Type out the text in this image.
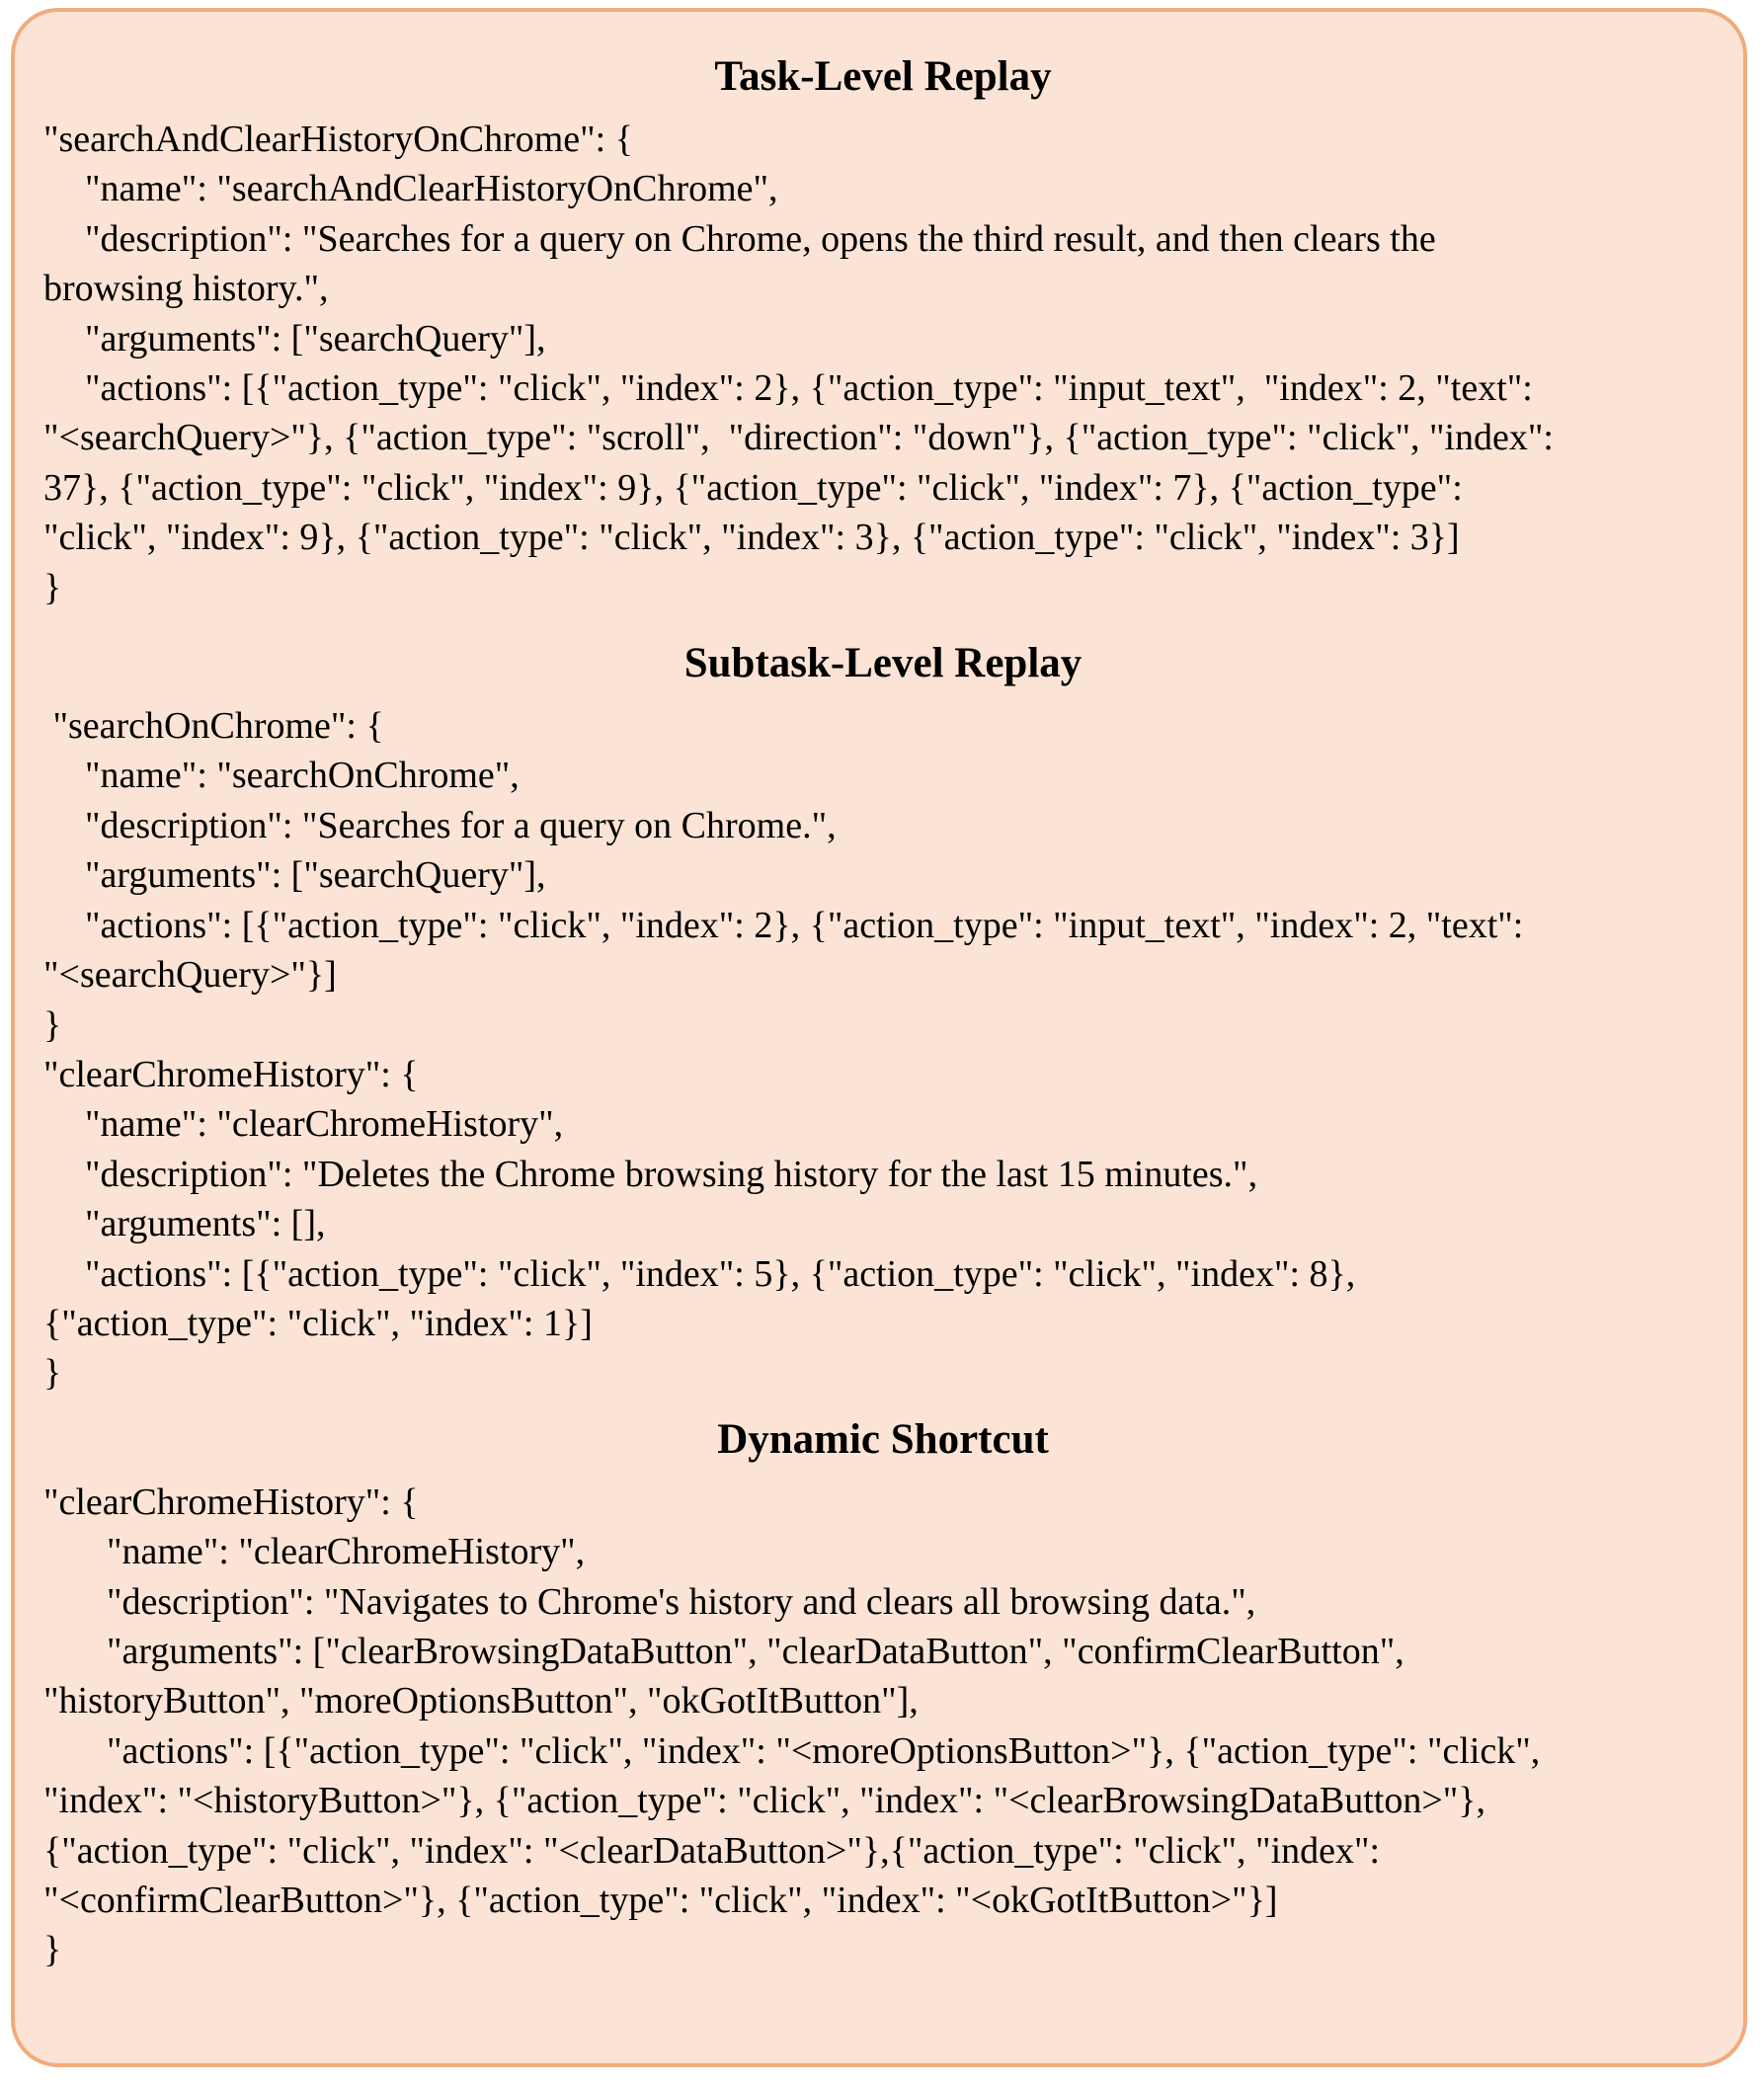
Task-Level Replay
"searchAndClearHistoryOnChrome": {
"name": "searchAndClearHistoryOnChrome",
"description": "Searches for a query on Chrome, opens the third result, and then clears the
browsing history.",
"arguments": ["searchQuery"],
"actions": [{"action_type": "click", "index": 2}, {"action_type": "input_text",  "index": 2, "text":
"<searchQuery>"}, {"action_type": "scroll",  "direction": "down"}, {"action_type": "click", "index":
37}, {"action_type": "click", "index": 9}, {"action_type": "click", "index": 7}, {"action_type":
"click", "index": 9}, {"action_type": "click", "index": 3}, {"action_type": "click", "index": 3}]
}
Subtask-Level Replay
"searchOnChrome": {
"name": "searchOnChrome",
"description": "Searches for a query on Chrome.",
"arguments": ["searchQuery"],
"actions": [{"action_type": "click", "index": 2}, {"action_type": "input_text", "index": 2, "text":
"<searchQuery>"}]
}
"clearChromeHistory": {
"name": "clearChromeHistory",
"description": "Deletes the Chrome browsing history for the last 15 minutes.",
"arguments": [],
"actions": [{"action_type": "click", "index": 5}, {"action_type": "click", "index": 8},
{"action_type": "click", "index": 1}]
}
Dynamic Shortcut
"clearChromeHistory": {
"name": "clearChromeHistory",
"description": "Navigates to Chrome's history and clears all browsing data.",
"arguments": ["clearBrowsingDataButton", "clearDataButton", "confirmClearButton",
"historyButton", "moreOptionsButton", "okGotItButton"],
"actions": [{"action_type": "click", "index": "<moreOptionsButton>"}, {"action_type": "click",
"index": "<historyButton>"}, {"action_type": "click", "index": "<clearBrowsingDataButton>"},
{"action_type": "click", "index": "<clearDataButton>"},{"action_type": "click", "index":
"<confirmClearButton>"}, {"action_type": "click", "index": "<okGotItButton>"}]
}
